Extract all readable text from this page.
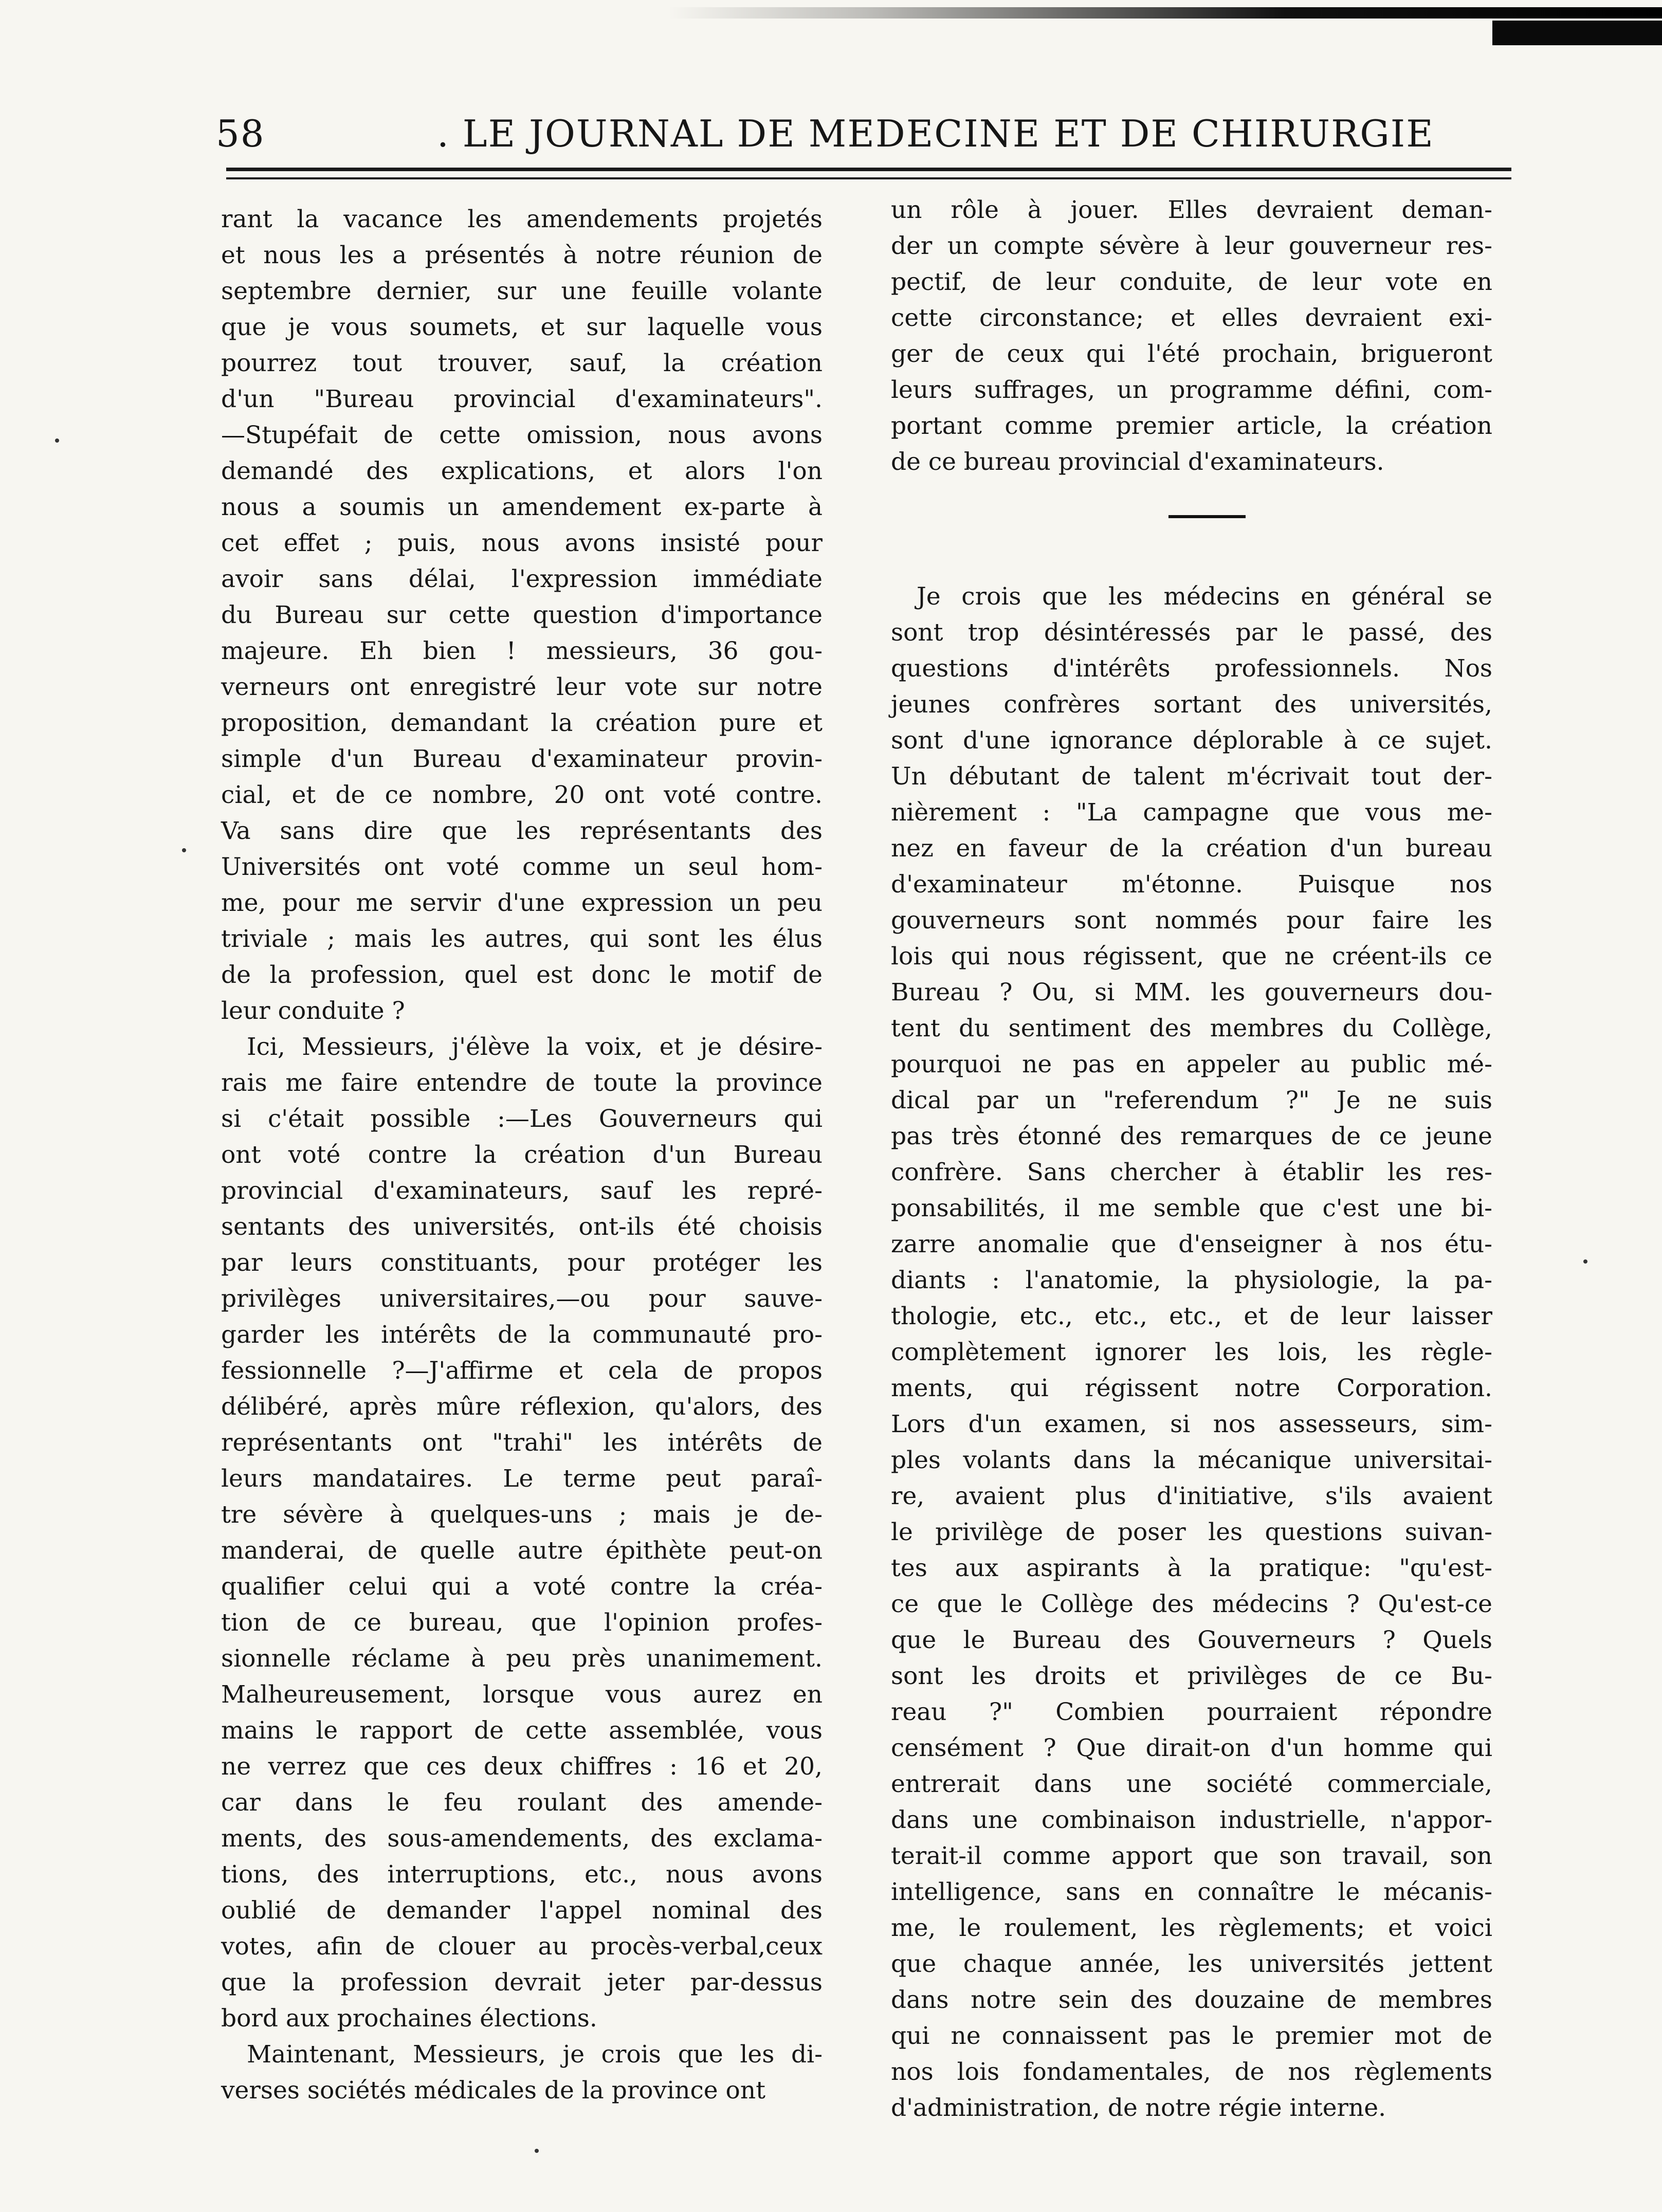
58	. LE JOURNAL DE MEDECINE ET DE CHIRURGIE

rant la vacance les amendements projetés
et nous les a présentés à notre réunion de
septembre dernier, sur une feuille volante
que je vous soumets, et sur laquelle vous
pourrez tout trouver, sauf, la création
d'un "Bureau provincial d'examinateurs".
—Stupéfait de cette omission, nous avons
demandé des explications, et alors l'on
nous a soumis un amendement ex-parte à
cet effet ; puis, nous avons insisté pour
avoir sans délai, l'expression immédiate
du Bureau sur cette question d'importance
majeure. Eh bien ! messieurs, 36 gou-
verneurs ont enregistré leur vote sur notre
proposition, demandant la création pure et
simple d'un Bureau d'examinateur provin-
cial, et de ce nombre, 20 ont voté contre.
Va sans dire que les représentants des
Universités ont voté comme un seul hom-
me, pour me servir d'une expression un peu
triviale ; mais les autres, qui sont les élus
de la profession, quel est donc le motif de
leur conduite ?

Ici, Messieurs, j'élève la voix, et je désire-
rais me faire entendre de toute la province
si c'était possible :—Les Gouverneurs qui
ont voté contre la création d'un Bureau
provincial d'examinateurs, sauf les repré-
sentants des universités, ont-ils été choisis
par leurs constituants, pour protéger les
privilèges universitaires,—ou pour sauve-
garder les intérêts de la communauté pro-
fessionnelle ?—J'affirme et cela de propos
délibéré, après mûre réflexion, qu'alors, des
représentants ont "trahi" les intérêts de
leurs mandataires. Le terme peut paraî-
tre sévère à quelques-uns ; mais je de-
manderai, de quelle autre épithète peut-on
qualifier celui qui a voté contre la créa-
tion de ce bureau, que l'opinion profes-
sionnelle réclame à peu près unanimement.
Malheureusement, lorsque vous aurez en
mains le rapport de cette assemblée, vous
ne verrez que ces deux chiffres : 16 et 20,
car dans le feu roulant des amende-
ments, des sous-amendements, des exclama-
tions, des interruptions, etc., nous avons
oublié de demander l'appel nominal des
votes, afin de clouer au procès-verbal,ceux
que la profession devrait jeter par-dessus
bord aux prochaines élections.

Maintenant, Messieurs, je crois que les di-
verses sociétés médicales de la province ont

un rôle à jouer. Elles devraient deman-
der un compte sévère à leur gouverneur res-
pectif, de leur conduite, de leur vote en
cette circonstance; et elles devraient exi-
ger de ceux qui l'été prochain, brigueront
leurs suffrages, un programme défini, com-
portant comme premier article, la création
de ce bureau provincial d'examinateurs.

Je crois que les médecins en général se
sont trop désintéressés par le passé, des
questions d'intérêts professionnels. Nos
jeunes confrères sortant des universités,
sont d'une ignorance déplorable à ce sujet.
Un débutant de talent m'écrivait tout der-
nièrement : "La campagne que vous me-
nez en faveur de la création d'un bureau
d'examinateur m'étonne. Puisque nos
gouverneurs sont nommés pour faire les
lois qui nous régissent, que ne créent-ils ce
Bureau ? Ou, si MM. les gouverneurs dou-
tent du sentiment des membres du Collège,
pourquoi ne pas en appeler au public mé-
dical par un "referendum ?" Je ne suis
pas très étonné des remarques de ce jeune
confrère. Sans chercher à établir les res-
ponsabilités, il me semble que c'est une bi-
zarre anomalie que d'enseigner à nos étu-
diants : l'anatomie, la physiologie, la pa-
thologie, etc., etc., etc., et de leur laisser
complètement ignorer les lois, les règle-
ments, qui régissent notre Corporation.
Lors d'un examen, si nos assesseurs, sim-
ples volants dans la mécanique universitai-
re, avaient plus d'initiative, s'ils avaient
le privilège de poser les questions suivan-
tes aux aspirants à la pratique: "qu'est-
ce que le Collège des médecins ? Qu'est-ce
que le Bureau des Gouverneurs ? Quels
sont les droits et privilèges de ce Bu-
reau ?" Combien pourraient répondre
censément ? Que dirait-on d'un homme qui
entrerait dans une société commerciale,
dans une combinaison industrielle, n'appor-
terait-il comme apport que son travail, son
intelligence, sans en connaître le mécanis-
me, le roulement, les règlements; et voici
que chaque année, les universités jettent
dans notre sein des douzaine de membres
qui ne connaissent pas le premier mot de
nos lois fondamentales, de nos règlements
d'administration, de notre régie interne.
